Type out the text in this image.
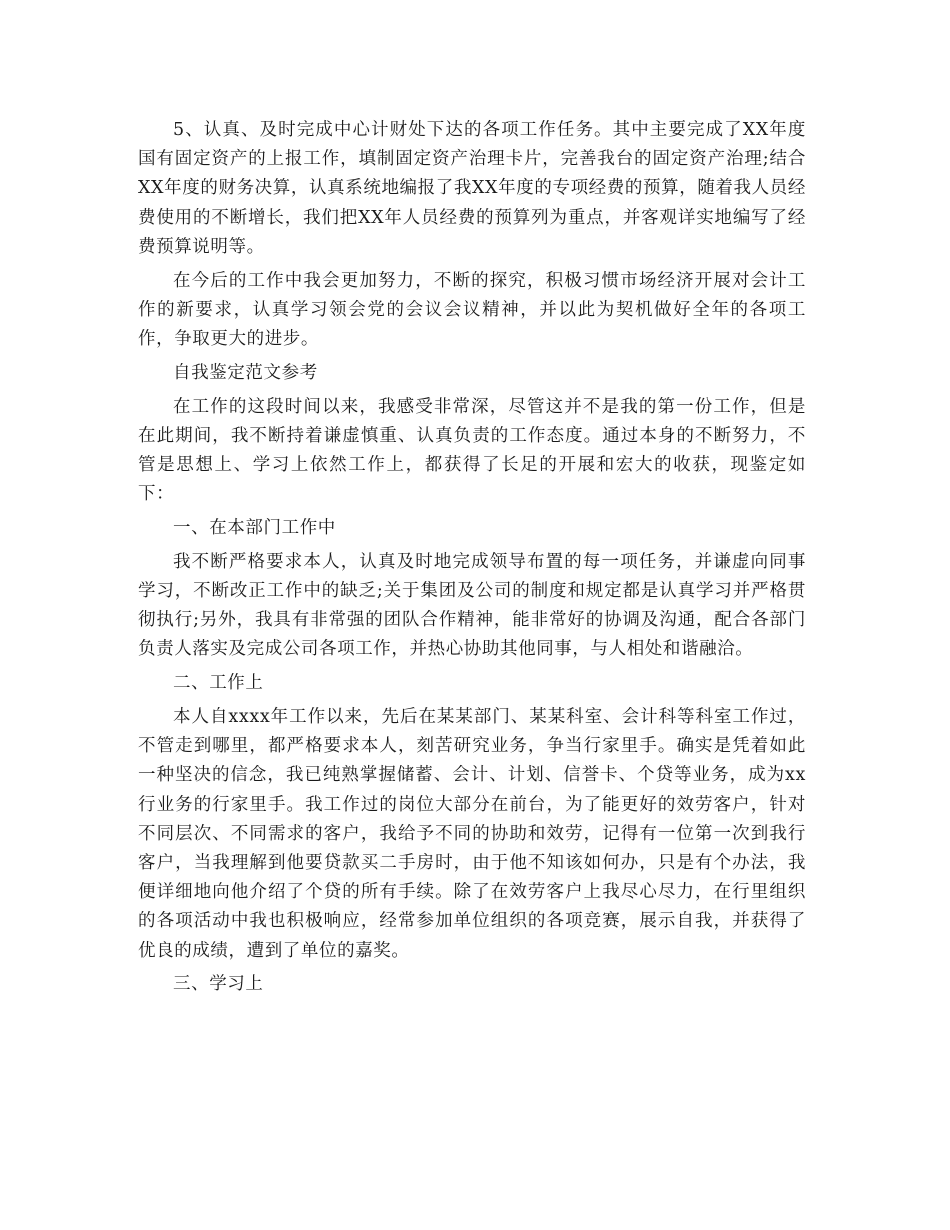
5、认真、及时完成中心计财处下达的各项工作任务。其中主要完成了XX年度国有固定资产的上报工作，填制固定资产治理卡片，完善我台的固定资产治理;结合XX年度的财务决算，认真系统地编报了我XX年度的专项经费的预算，随着我人员经费使用的不断增长，我们把XX年人员经费的预算列为重点，并客观详实地编写了经费预算说明等。

在今后的工作中我会更加努力，不断的探究，积极习惯市场经济开展对会计工作的新要求，认真学习领会党的会议会议精神，并以此为契机做好全年的各项工作，争取更大的进步。

自我鉴定范文参考

在工作的这段时间以来，我感受非常深，尽管这并不是我的第一份工作，但是在此期间，我不断持着谦虚慎重、认真负责的工作态度。通过本身的不断努力，不管是思想上、学习上依然工作上，都获得了长足的开展和宏大的收获，现鉴定如下：

一、在本部门工作中

我不断严格要求本人，认真及时地完成领导布置的每一项任务，并谦虚向同事学习，不断改正工作中的缺乏;关于集团及公司的制度和规定都是认真学习并严格贯彻执行;另外，我具有非常强的团队合作精神，能非常好的协调及沟通，配合各部门负责人落实及完成公司各项工作，并热心协助其他同事，与人相处和谐融洽。

二、工作上

本人自xxxx年工作以来，先后在某某部门、某某科室、会计科等科室工作过，不管走到哪里，都严格要求本人，刻苦研究业务，争当行家里手。确实是凭着如此一种坚决的信念，我已纯熟掌握储蓄、会计、计划、信誉卡、个贷等业务，成为xx行业务的行家里手。我工作过的岗位大部分在前台，为了能更好的效劳客户，针对不同层次、不同需求的客户，我给予不同的协助和效劳，记得有一位第一次到我行客户，当我理解到他要贷款买二手房时，由于他不知该如何办，只是有个办法，我便详细地向他介绍了个贷的所有手续。除了在效劳客户上我尽心尽力，在行里组织的各项活动中我也积极响应，经常参加单位组织的各项竞赛，展示自我，并获得了优良的成绩，遭到了单位的嘉奖。

三、学习上
